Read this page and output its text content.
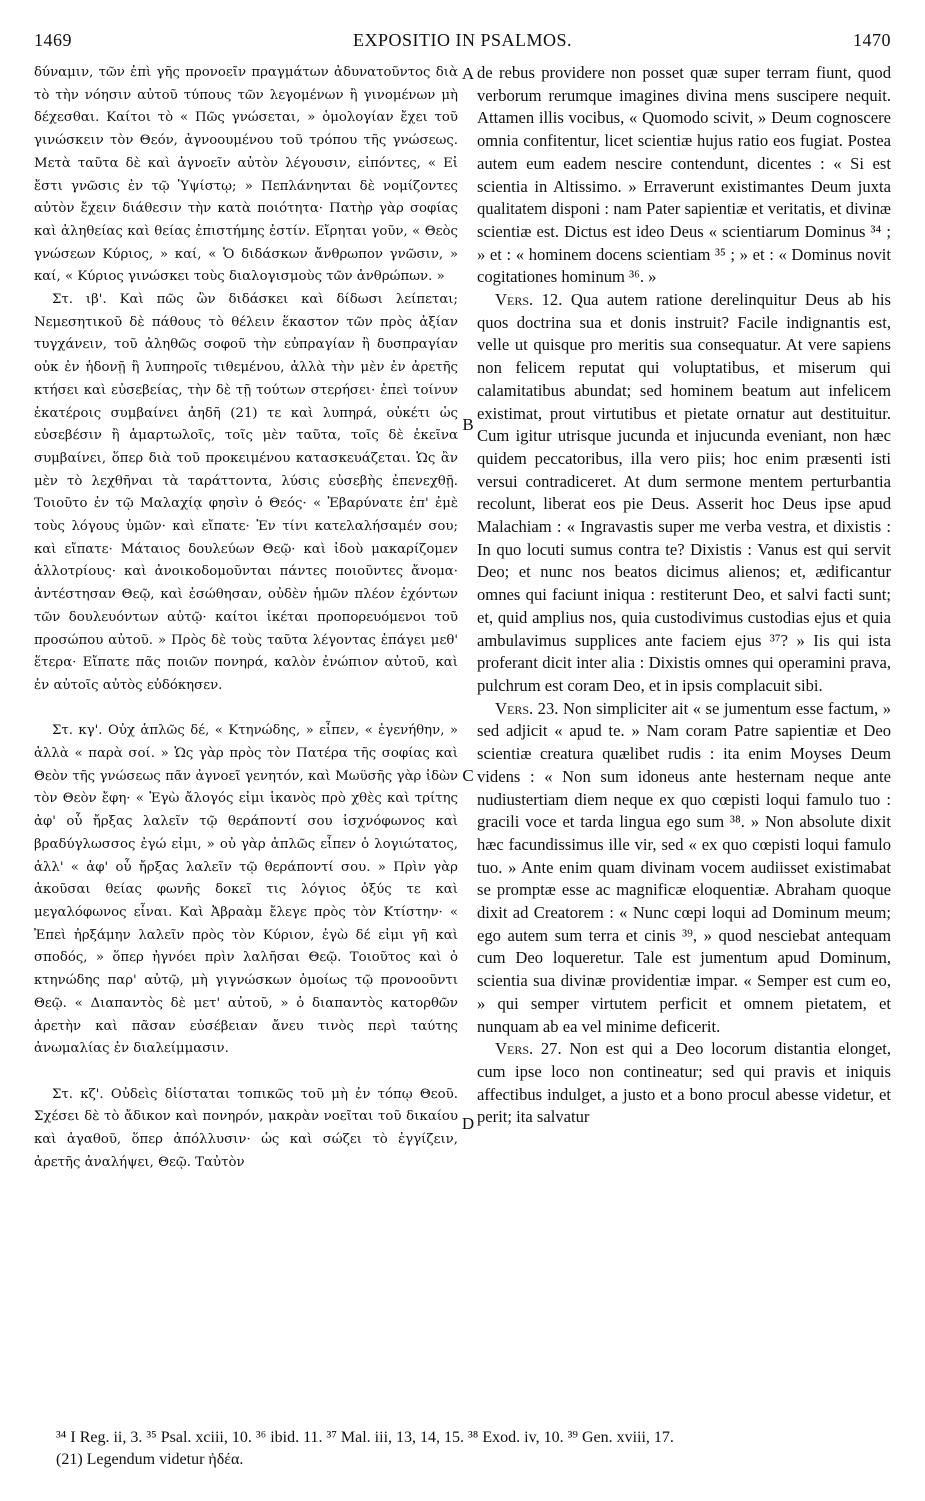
1469	EXPOSITIO IN PSALMOS.	1470

δύναμιν, τῶν ἐπὶ γῆς προνοεῖν πραγμάτων ἀδυνατοῦντος διὰ τὸ τὴν νόησιν αὐτοῦ τύπους τῶν λεγομένων ἢ γινομένων μὴ δέχεσθαι. Καίτοι τὸ « Πῶς γνώσεται, » ὁμολογίαν ἔχει τοῦ γινώσκειν τὸν Θεόν, ἀγνοουμένου τοῦ τρόπου τῆς γνώσεως. Μετὰ ταῦτα δὲ καὶ ἀγνοεῖν αὐτὸν λέγουσιν, εἰπόντες, « Εἰ ἔστι γνῶσις ἐν τῷ Ὑψίστῳ; » Πεπλάνηνται δὲ νομίζοντες αὐτὸν ἔχειν διάθεσιν τὴν κατὰ ποιότητα· Πατὴρ γὰρ σοφίας καὶ ἀληθείας καὶ θείας ἐπιστήμης ἐστίν. Εἴρηται γοῦν, « Θεὸς γνώσεων Κύριος, » καί, « Ὁ διδάσκων ἄνθρωπον γνῶσιν, » καί, « Κύριος γινώσκει τοὺς διαλογισμοὺς τῶν ἀνθρώπων. »

Στ. ιβ'. Καὶ πῶς ὢν διδάσκει καὶ δίδωσι λείπεται; Νεμεσητικοῦ δὲ πάθους τὸ θέλειν ἕκαστον τῶν πρὸς ἀξίαν τυγχάνειν, τοῦ ἀληθῶς σοφοῦ τὴν εὐπραγίαν ἢ δυσπραγίαν οὐκ ἐν ἡδονῇ ἢ λυπηροῖς τιθεμένου, ἀλλὰ τὴν μὲν ἐν ἀρετῆς κτήσει καὶ εὐσεβείας, τὴν δὲ τῇ τούτων στερήσει· ἐπεὶ τοίνυν ἑκατέροις συμβαίνει ἀηδῆ (21) τε καὶ λυπηρά, οὐκέτι ὡς εὐσεβέσιν ἢ ἁμαρτωλοῖς, τοῖς μὲν ταῦτα, τοῖς δὲ ἐκεῖνα συμβαίνει, ὅπερ διὰ τοῦ προκειμένου κατασκευάζεται. Ὡς ἂν μὲν τὸ λεχθῆναι τὰ ταράττοντα, λύσις εὐσεβὴς ἐπενεχθῇ. Τοιοῦτο ἐν τῷ Μαλαχίᾳ φησὶν ὁ Θεός· « Ἐβαρύνατε ἐπ' ἐμὲ τοὺς λόγους ὑμῶν· καὶ εἴπατε· Ἐν τίνι κατελαλήσαμέν σου; καὶ εἴπατε· Μάταιος δουλεύων Θεῷ· καὶ ἰδοὺ μακαρίζομεν ἀλλοτρίους· καὶ ἀνοικοδομοῦνται πάντες ποιοῦντες ἄνομα· ἀντέστησαν Θεῷ, καὶ ἐσώθησαν, οὐδὲν ἡμῶν πλέον ἐχόντων τῶν δουλευόντων αὐτῷ· καίτοι ἱκέται προπορευόμενοι τοῦ προσώπου αὐτοῦ. » Πρὸς δὲ τοὺς ταῦτα λέγοντας ἐπάγει μεθ' ἕτερα· Εἴπατε πᾶς ποιῶν πονηρά, καλὸν ἐνώπιον αὐτοῦ, καὶ ἐν αὐτοῖς αὐτὸς εὐδόκησεν.

Στ. κγ'. Οὐχ ἁπλῶς δέ, « Κτηνώδης, » εἶπεν, « ἐγενήθην, » ἀλλὰ « παρὰ σοί. » Ὡς γὰρ πρὸς τὸν Πατέρα τῆς σοφίας καὶ Θεὸν τῆς γνώσεως πᾶν ἀγνοεῖ γενητόν, καὶ Μωϋσῆς γὰρ ἰδὼν τὸν Θεὸν ἔφη· « Ἐγὼ ἄλογός εἰμι ἱκανὸς πρὸ χθὲς καὶ τρίτης ἀφ' οὗ ἤρξας λαλεῖν τῷ θεράποντί σου ἰσχνόφωνος καὶ βραδύγλωσσος ἐγώ εἰμι, » οὐ γὰρ ἁπλῶς εἶπεν ὁ λογιώτατος, ἀλλ' « ἀφ' οὗ ἤρξας λαλεῖν τῷ θεράποντί σου. » Πρὶν γὰρ ἀκοῦσαι θείας φωνῆς δοκεῖ τις λόγιος ὀξύς τε καὶ μεγαλόφωνος εἶναι. Καὶ Ἀβραὰμ ἔλεγε πρὸς τὸν Κτίστην· « Ἐπεὶ ἠρξάμην λαλεῖν πρὸς τὸν Κύριον, ἐγὼ δέ εἰμι γῆ καὶ σποδός, » ὅπερ ἠγνόει πρὶν λαλῆσαι Θεῷ. Τοιοῦτος καὶ ὁ κτηνώδης παρ' αὐτῷ, μὴ γιγνώσκων ὁμοίως τῷ προνοοῦντι Θεῷ. « Διαπαντὸς δὲ μετ' αὐτοῦ, » ὁ διαπαντὸς κατορθῶν ἀρετὴν καὶ πᾶσαν εὐσέβειαν ἄνευ τινὸς περὶ ταύτης ἀνωμαλίας ἐν διαλείμμασιν.

Στ. κζ'. Οὐδεὶς δἱίσταται τοπικῶς τοῦ μὴ ἐν τόπῳ Θεοῦ. Σχέσει δὲ τὸ ἄδικον καὶ πονηρόν, μακρὰν νοεῖται τοῦ δικαίου καὶ ἀγαθοῦ, ὅπερ ἀπόλλυσιν· ὡς καὶ σώζει τὸ ἐγγίζειν, ἀρετῆς ἀναλήψει, Θεῷ. Ταὐτὸν

A
B
C
D

de rebus providere non posset quæ super terram fiunt, quod verborum rerumque imagines divina mens suscipere nequit. Attamen illis vocibus, « Quomodo scivit, » Deum cognoscere omnia confitentur, licet scientiæ hujus ratio eos fugiat. Postea autem eum eadem nescire contendunt, dicentes : « Si est scientia in Altissimo. » Erraverunt existimantes Deum juxta qualitatem disponi : nam Pater sapientiæ et veritatis, et divinæ scientiæ est. Dictus est ideo Deus « scientiarum Dominus ³⁴ ; » et : « hominem docens scientiam ³⁵ ; » et : « Dominus novit cogitationes hominum ³⁶. »

Vers. 12. Qua autem ratione derelinquitur Deus ab his quos doctrina sua et donis instruit? Facile indignantis est, velle ut quisque pro meritis sua consequatur. At vere sapiens non felicem reputat qui voluptatibus, et miserum qui calamitatibus abundat; sed hominem beatum aut infelicem existimat, prout virtutibus et pietate ornatur aut destituitur. Cum igitur utrisque jucunda et injucunda eveniant, non hæc quidem peccatoribus, illa vero piis; hoc enim præsenti isti versui contradiceret. At dum sermone mentem perturbantia recolunt, liberat eos pie Deus. Asserit hoc Deus ipse apud Malachiam : « Ingravastis super me verba vestra, et dixistis : In quo locuti sumus contra te? Dixistis : Vanus est qui servit Deo; et nunc nos beatos dicimus alienos; et, ædificantur omnes qui faciunt iniqua : restiterunt Deo, et salvi facti sunt; et, quid amplius nos, quia custodivimus custodias ejus et quia ambulavimus supplices ante faciem ejus ³⁷? » Iis qui ista proferant dicit inter alia : Dixistis omnes qui operamini prava, pulchrum est coram Deo, et in ipsis complacuit sibi.

Vers. 23. Non simpliciter ait « se jumentum esse factum, » sed adjicit « apud te. » Nam coram Patre sapientiæ et Deo scientiæ creatura quælibet rudis : ita enim Moyses Deum videns : « Non sum idoneus ante hesternam neque ante nudiustertiam diem neque ex quo cœpisti loqui famulo tuo : gracili voce et tarda lingua ego sum ³⁸. » Non absolute dixit hæc facundissimus ille vir, sed « ex quo cœpisti loqui famulo tuo. » Ante enim quam divinam vocem audiisset existimabat se promptæ esse ac magnificæ eloquentiæ. Abraham quoque dixit ad Creatorem : « Nunc cœpi loqui ad Dominum meum; ego autem sum terra et cinis ³⁹, » quod nesciebat antequam cum Deo loqueretur. Tale est jumentum apud Dominum, scientia sua divinæ providentiæ impar. « Semper est cum eo, » qui semper virtutem perficit et omnem pietatem, et nunquam ab ea vel minime deficerit.

Vers. 27. Non est qui a Deo locorum distantia elonget, cum ipse loco non contineatur; sed qui pravis et iniquis affectibus indulget, a justo et a bono procul abesse videtur, et perit; ita salvatur

³⁴ I Reg. ii, 3. ³⁵ Psal. xciii, 10. ³⁶ ibid. 11. ³⁷ Mal. iii, 13, 14, 15. ³⁸ Exod. iv, 10. ³⁹ Gen. xviii, 17.

(21) Legendum videtur ἠδέα.
